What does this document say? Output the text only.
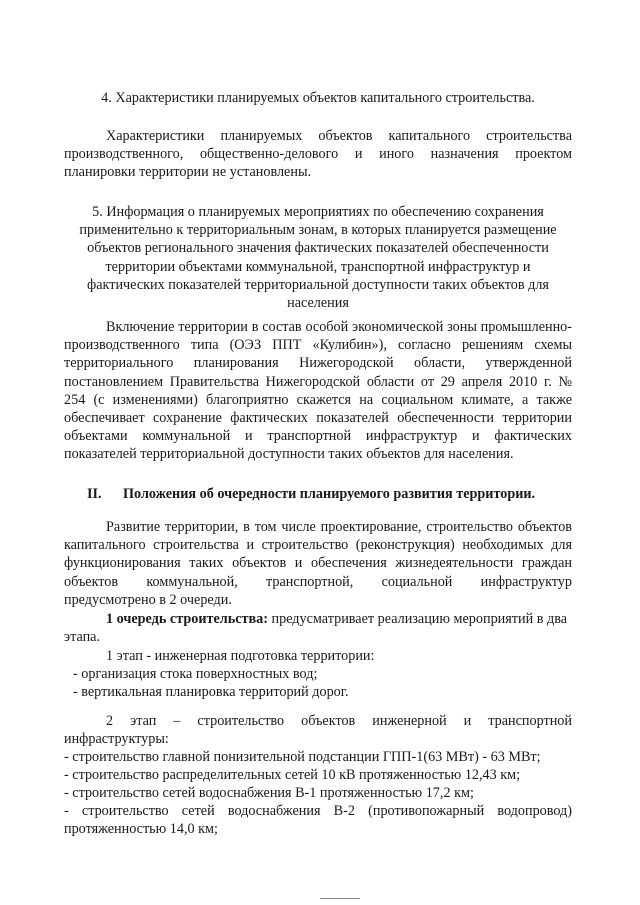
4. Характеристики планируемых объектов капитального строительства.

Характеристики планируемых объектов капитального строительства
производственного, общественно-делового и иного назначения проектом
планировки территории не установлены.
5. Информация о планируемых мероприятиях по обеспечению сохранения
применительно к территориальным зонам, в которых планируется размещение
объектов регионального значения фактических показателей обеспеченности
территории объектами коммунальной, транспортной инфраструктур и
фактических показателей территориальной доступности таких объектов для
населения
Включение территории в состав особой экономической зоны промышленно-
производственного типа (ОЭЗ ППТ «Кулибин»), согласно решениям схемы
территориального планирования Нижегородской области, утвержденной
постановлением Правительства Нижегородской области от 29 апреля 2010 г. №
254 (с изменениями) благоприятно скажется на социальном климате, а также
обеспечивает сохранение фактических показателей обеспеченности территории
объектами коммунальной и транспортной инфраструктур и фактических
показателей территориальной доступности таких объектов для населения.

II. Положения об очередности планируемого развития территории.

Развитие территории, в том числе проектирование, строительство объектов
капитального строительства и строительство (реконструкция) необходимых для
функционирования таких объектов и обеспечения жизнедеятельности граждан
объектов коммунальной, транспортной, социальной инфраструктур
предусмотрено в 2 очереди.
1 очередь строительства: предусматривает реализацию мероприятий в два
этапа.

1 этап - инженерная подготовка территории:

- организация стока поверхностных вод;

- вертикальная планировка территорий дорог.

2 этап – строительство объектов инженерной и транспортной
инфраструктуры:

- строительство главной понизительной подстанции ГПП-1(63 МВт) - 63 МВт;

- строительство распределительных сетей 10 кВ протяженностью 12,43 км;

- строительство сетей водоснабжения В-1 протяженностью 17,2 км;

- строительство сетей водоснабжения В-2 (противопожарный водопровод)
протяженностью 14,0 км;
